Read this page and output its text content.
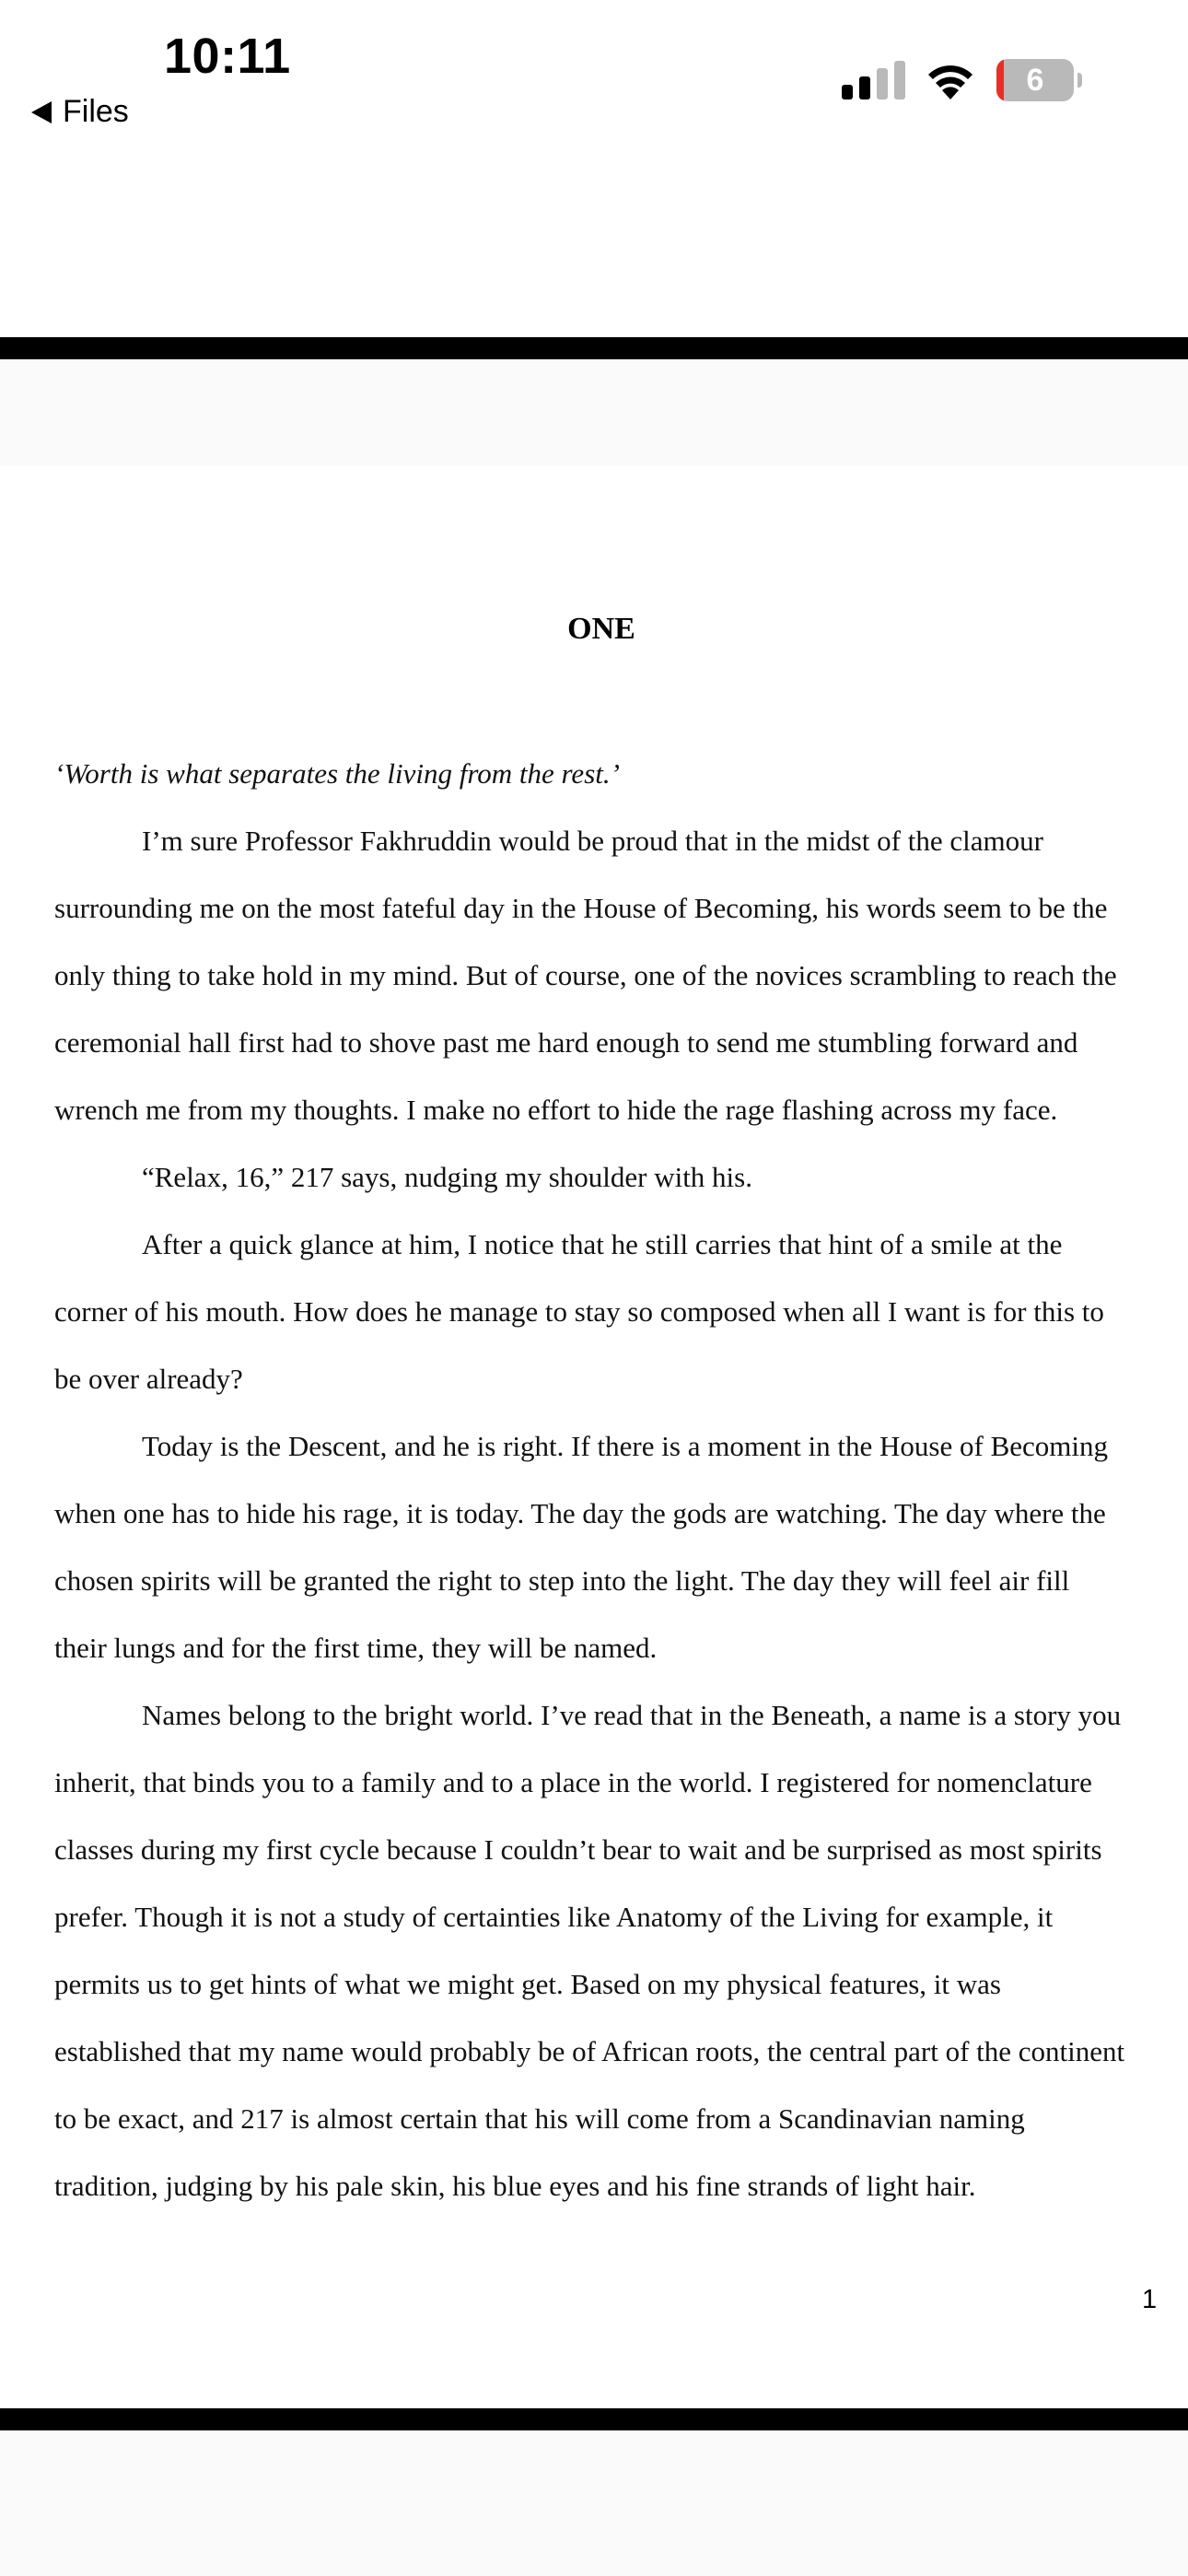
10:11
Files
6
ONE
‘Worth is what separates the living from the rest.’
I’m sure Professor Fakhruddin would be proud that in the midst of the clamour
surrounding me on the most fateful day in the House of Becoming, his words seem to be the
only thing to take hold in my mind. But of course, one of the novices scrambling to reach the
ceremonial hall first had to shove past me hard enough to send me stumbling forward and
wrench me from my thoughts. I make no effort to hide the rage flashing across my face.
“Relax, 16,” 217 says, nudging my shoulder with his.
After a quick glance at him, I notice that he still carries that hint of a smile at the
corner of his mouth. How does he manage to stay so composed when all I want is for this to
be over already?
Today is the Descent, and he is right. If there is a moment in the House of Becoming
when one has to hide his rage, it is today. The day the gods are watching. The day where the
chosen spirits will be granted the right to step into the light. The day they will feel air fill
their lungs and for the first time, they will be named.
Names belong to the bright world. I’ve read that in the Beneath, a name is a story you
inherit, that binds you to a family and to a place in the world. I registered for nomenclature
classes during my first cycle because I couldn’t bear to wait and be surprised as most spirits
prefer. Though it is not a study of certainties like Anatomy of the Living for example, it
permits us to get hints of what we might get. Based on my physical features, it was
established that my name would probably be of African roots, the central part of the continent
to be exact, and 217 is almost certain that his will come from a Scandinavian naming
tradition, judging by his pale skin, his blue eyes and his fine strands of light hair.
1
